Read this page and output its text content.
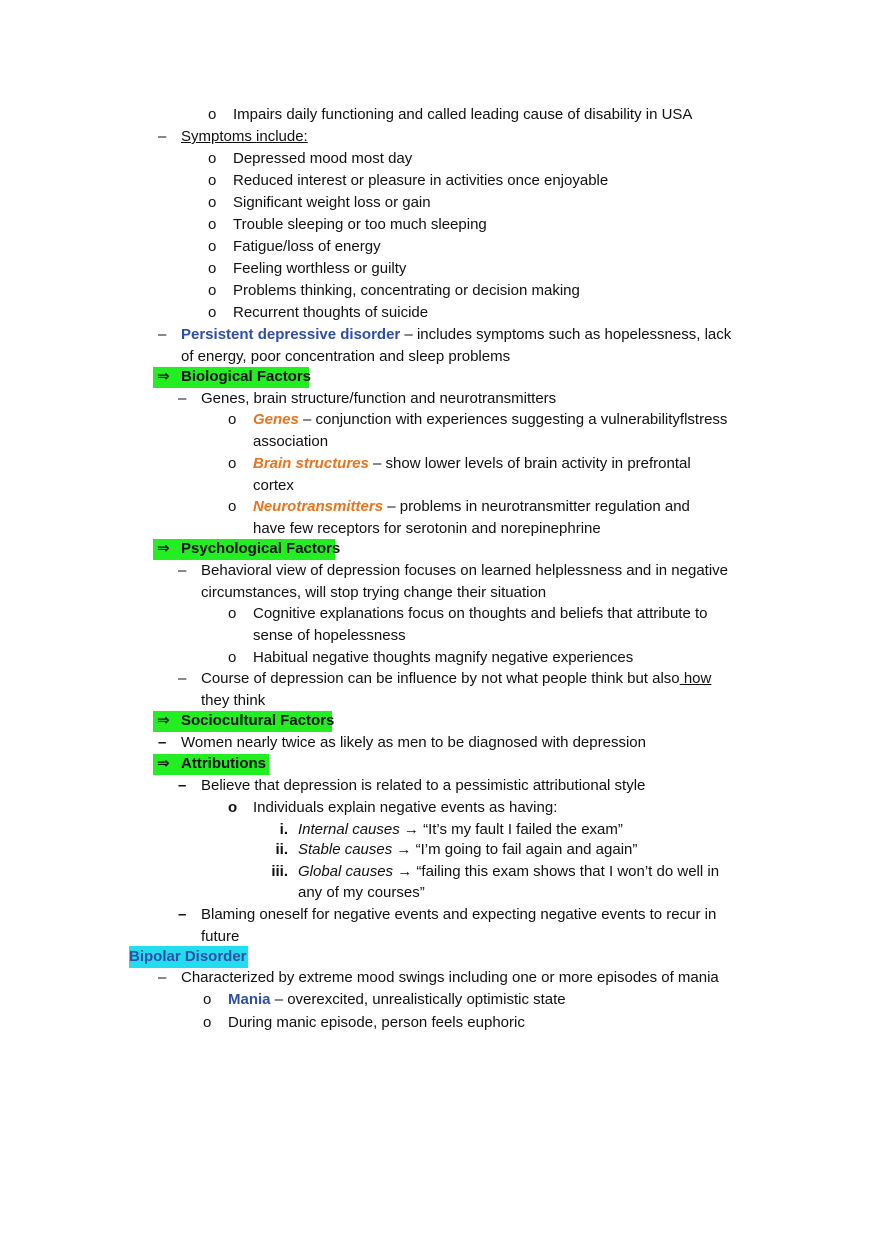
o Impairs daily functioning and called leading cause of disability in USA
– Symptoms include:
o Depressed mood most day
o Reduced interest or pleasure in activities once enjoyable
o Significant weight loss or gain
o Trouble sleeping or too much sleeping
o Fatigue/loss of energy
o Feeling worthless or guilty
o Problems thinking, concentrating or decision making
o Recurrent thoughts of suicide
– Persistent depressive disorder – includes symptoms such as hopelessness, lack
of energy, poor concentration and sleep problems
⇒ Biological Factors
– Genes, brain structure/function and neurotransmitters
o Genes – conjunction with experiences suggesting a vulnerabilityflstress
association
o Brain structures – show lower levels of brain activity in prefrontal
cortex
o Neurotransmitters – problems in neurotransmitter regulation and
have few receptors for serotonin and norepinephrine
⇒ Psychological Factors
– Behavioral view of depression focuses on learned helplessness and in negative
circumstances, will stop trying change their situation
o Cognitive explanations focus on thoughts and beliefs that attribute to
sense of hopelessness
o Habitual negative thoughts magnify negative experiences
– Course of depression can be influence by not what people think but also how
they think
⇒ Sociocultural Factors
– Women nearly twice as likely as men to be diagnosed with depression
⇒ Attributions
– Believe that depression is related to a pessimistic attributional style
o Individuals explain negative events as having:
i. Internal causes → “It’s my fault I failed the exam”
ii. Stable causes → “I’m going to fail again and again”
iii. Global causes → “failing this exam shows that I won’t do well in
any of my courses”
– Blaming oneself for negative events and expecting negative events to recur in
future
Bipolar Disorder
– Characterized by extreme mood swings including one or more episodes of mania
o Mania – overexcited, unrealistically optimistic state
o During manic episode, person feels euphoric
